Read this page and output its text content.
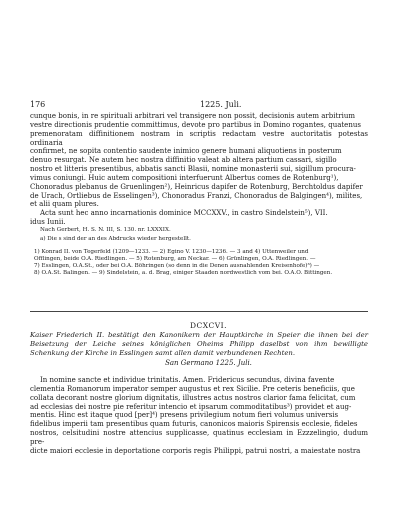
176	1225. Juli.

cunque bonis, in re spirituali arbitrari vel transigere non possit, decisionis autem arbitrium

vestre directionis prudentie committimus, devote pro partibus in Domino rogantes, quatenus

premenoratam diffinitionem nostram in scriptis redactam vestre auctoritatis potestas ordinaria

confirmet, ne sopita contentio saudente inimico genere humani aliquotiens in posterum

denuo resurgat. Ne autem hec nostra diffinitio valeat ab altera partium cassari, sigillo

nostro et litteris presentibus, abbatis sancti Blasii, nomine monasterii sui, sigillum procura-

vimus coniungi. Huic autem compositioni interfuerunt Albertus comes de Rotenburg¹),

Chonoradus plebanus de Gruenlingen²), Heinricus dapifer de Rotenburg, Berchtoldus dapifer

de Urach, Ortliebus de Esselingen³), Chonoradus Franzi, Chonoradus de Balgingen⁴), milites,

et alii quam plures.

Acta sunt hec anno incarnationis dominice MCCXXV., in castro Sindelstein⁵), VII.

idus Iunii.

Nach Gerbert, H. S. N. III, S. 130. nr. LXXXIX.

a) Die s sind der an des Abdrucks wieder hergestellt.

1) Konrad II. von Tegerfeld (1209—1233. — 2) Egino V. 1230—1236. — 3 and 4) Uttenweiler und

Offlingen, beide O.A. Riedlingen. — 5) Rotenburg, am Neckar. — 6) Grünlingen, O.A. Riedlingen. —

7) Esslingen, O.A.St., oder bei O.A. Böhringen (so denn in die Denen ausnahlenden Kreisenhofe)³) —

8) O.A.St. Balingen. — 9) Sindelstein, a. d. Brag, einiger Staaden nordwestlich vom bei. O.A.O. Bittingen.

DCXCVI.
Kaiser Friederich II. bestätigt den Kanonikern der Hauptkirche in Speier die ihnen bei der Beisetzung der Leiche seines königlichen Oheims Philipp daselbst von ihm bewilligte Schenkung der Kirche in Esslingen samt allen damit verbundenen Rechten.
San Germano 1225. Juli.

In nomine sancte et individue trinitatis. Amen. Fridericus secundus, divina favente

clementia Romanorum imperator semper augustus et rex Sicilie. Pre ceteris beneficiis, que

collata decorant nostre glorium dignitatis, illustres actus nostros clarior fama felicitat, cum

ad ecclesias dei nostre pie referitur intencio et ipsarum commoditatibus³) providet et aug-

mentis. Hinc est itaque quod [per]⁴) presens privilegium notum fieri volumus universis

fidelibus imperii tam presentibus quam futuris, canonicos maioris Spirensis ecclesie, fideles

nostros, celsitudini nostre attencius supplicasse, quatinus ecclesiam in Ezzzelingio, dudum pre-

dicte maiori ecclesie in deportatione corporis regis Philippi, patrui nostri, a maiestate nostra
